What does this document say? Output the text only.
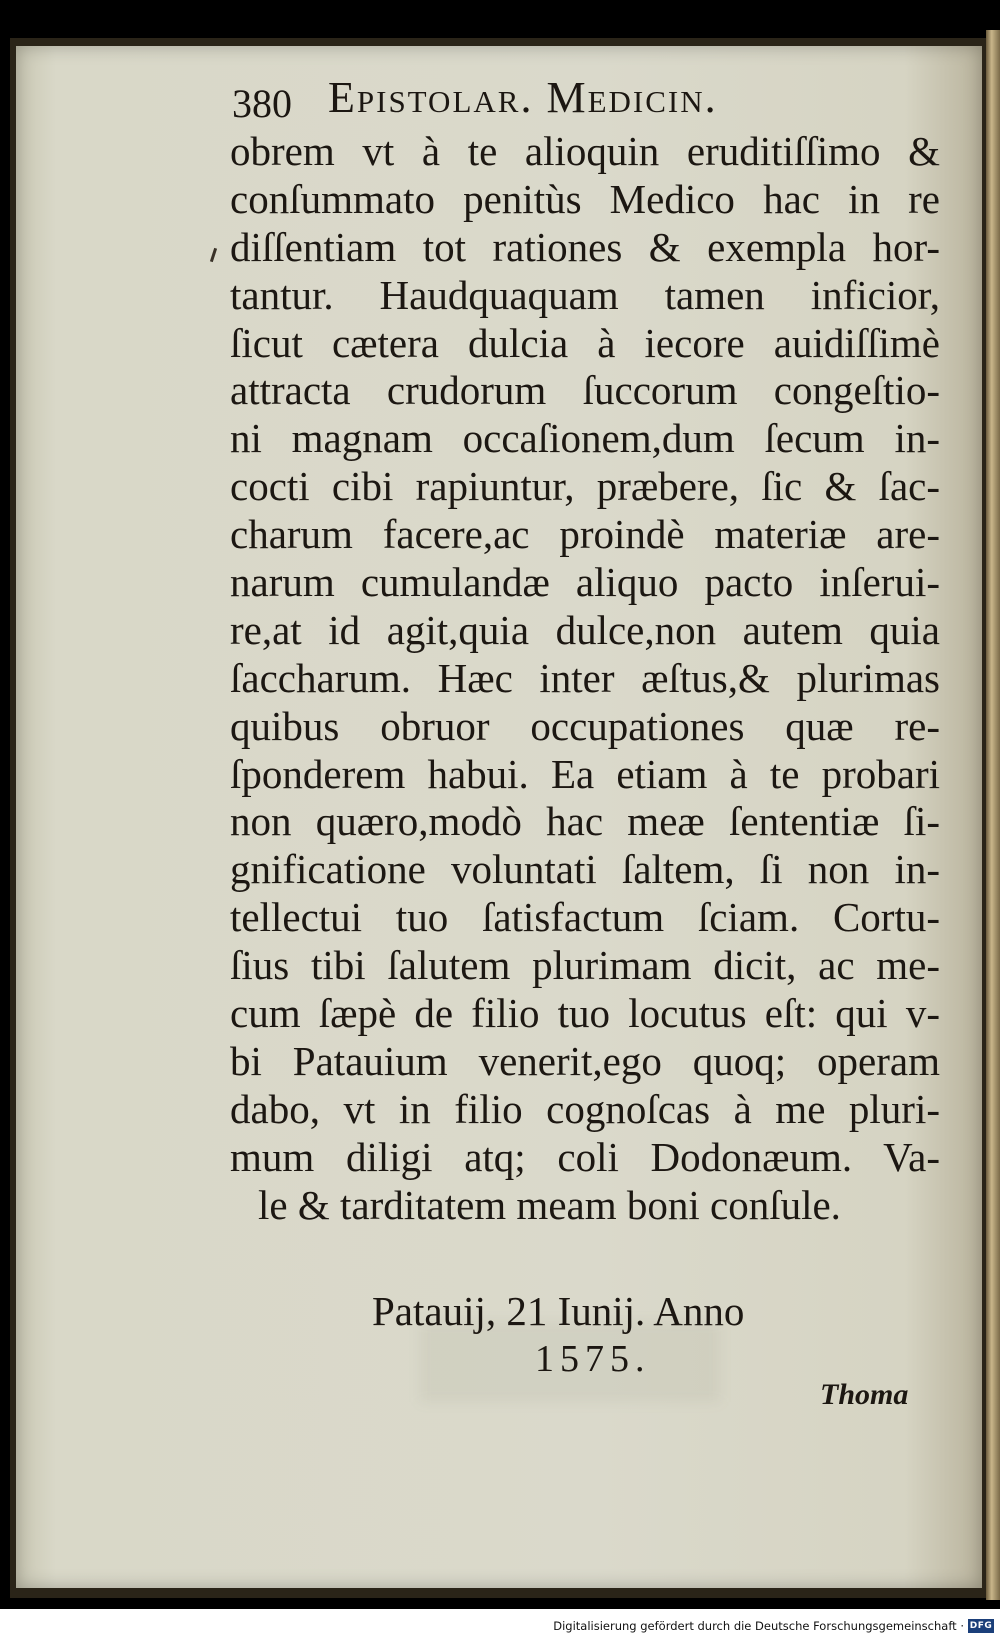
380 Epistolar. Medicin.
obrem vt à te alioquin eruditiſſimo &
conſummato penitùs Medico hac in re
diſſentiam tot rationes & exempla hor-
tantur. Haudquaquam tamen inficior,
ſicut cætera dulcia à iecore auidiſſimè
attracta crudorum ſuccorum congeſtio-
ni magnam occaſionem,dum ſecum in-
cocti cibi rapiuntur, præbere, ſic & ſac-
charum facere,ac proindè materiæ are-
narum cumulandæ aliquo pacto inſerui-
re,at id agit,quia dulce,non autem quia
ſaccharum. Hæc inter æſtus,& plurimas
quibus obruor occupationes quæ re-
ſponderem habui. Ea etiam à te probari
non quæro,modò hac meæ ſententiæ ſi-
gnificatione voluntati ſaltem, ſi non in-
tellectui tuo ſatisfactum ſciam. Cortu-
ſius tibi ſalutem plurimam dicit, ac me-
cum ſæpè de filio tuo locutus eſt: qui v-
bi Patauium venerit,ego quoq; operam
dabo, vt in filio cognoſcas à me pluri-
mum diligi atq; coli Dodonæum. Va-
le & tarditatem meam boni conſule.
Patauij, 21 Iunij. Anno
1575.
Thoma
Digitalisierung gefördert durch die Deutsche Forschungsgemeinschaft · DFG
